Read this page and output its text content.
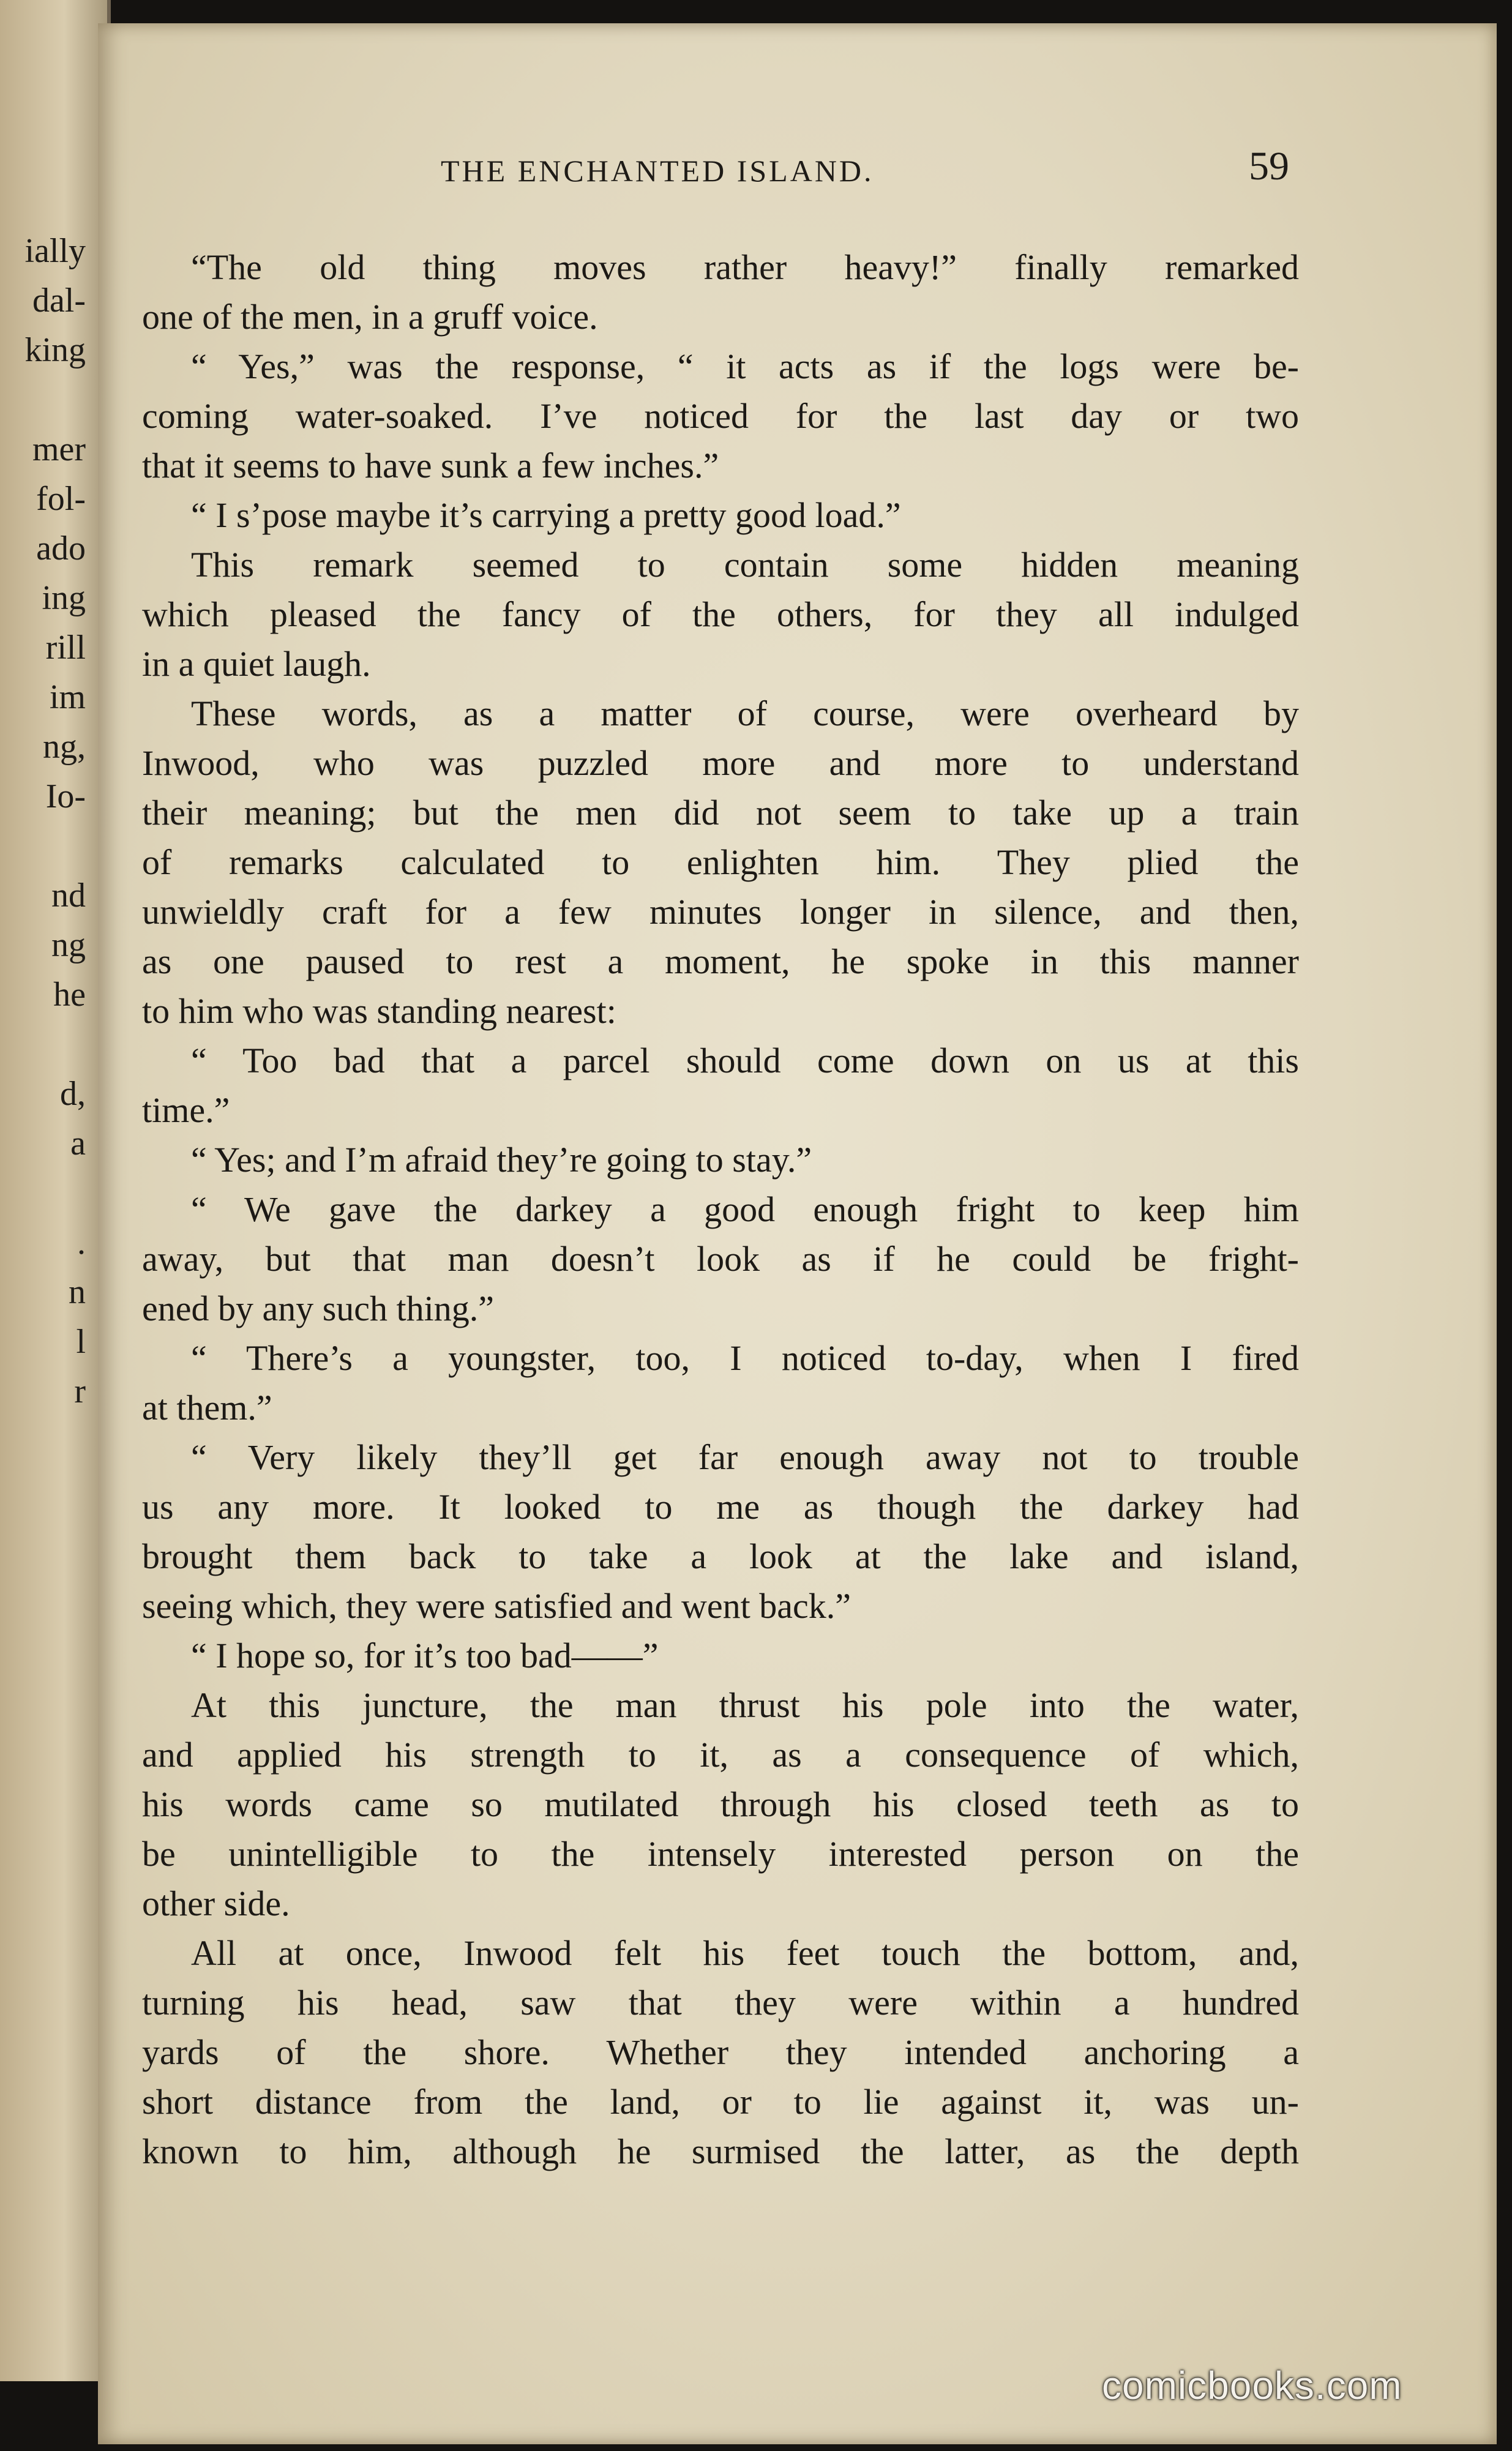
ially
dal-
king
mer
fol-
ado
ing
rill
im
ng,
Io-
nd
ng
he
d,
a
.
n
l
r
THE ENCHANTED ISLAND.	59
“The old thing moves rather heavy!” finally remarked
one of the men, in a gruff voice.
“ Yes,” was the response, “ it acts as if the logs were be-
coming water-soaked. I’ve noticed for the last day or two
that it seems to have sunk a few inches.”
“ I s’pose maybe it’s carrying a pretty good load.”
This remark seemed to contain some hidden meaning
which pleased the fancy of the others, for they all indulged
in a quiet laugh.
These words, as a matter of course, were overheard by
Inwood, who was puzzled more and more to understand
their meaning; but the men did not seem to take up a train
of remarks calculated to enlighten him. They plied the
unwieldly craft for a few minutes longer in silence, and then,
as one paused to rest a moment, he spoke in this manner
to him who was standing nearest:
“ Too bad that a parcel should come down on us at this
time.”
“ Yes; and I’m afraid they’re going to stay.”
“ We gave the darkey a good enough fright to keep him
away, but that man doesn’t look as if he could be fright-
ened by any such thing.”
“ There’s a youngster, too, I noticed to-day, when I fired
at them.”
“ Very likely they’ll get far enough away not to trouble
us any more. It looked to me as though the darkey had
brought them back to take a look at the lake and island,
seeing which, they were satisfied and went back.”
“ I hope so, for it’s too bad——”
At this juncture, the man thrust his pole into the water,
and applied his strength to it, as a consequence of which,
his words came so mutilated through his closed teeth as to
be unintelligible to the intensely interested person on the
other side.
All at once, Inwood felt his feet touch the bottom, and,
turning his head, saw that they were within a hundred
yards of the shore. Whether they intended anchoring a
short distance from the land, or to lie against it, was un-
known to him, although he surmised the latter, as the depth
comicbooks.com
